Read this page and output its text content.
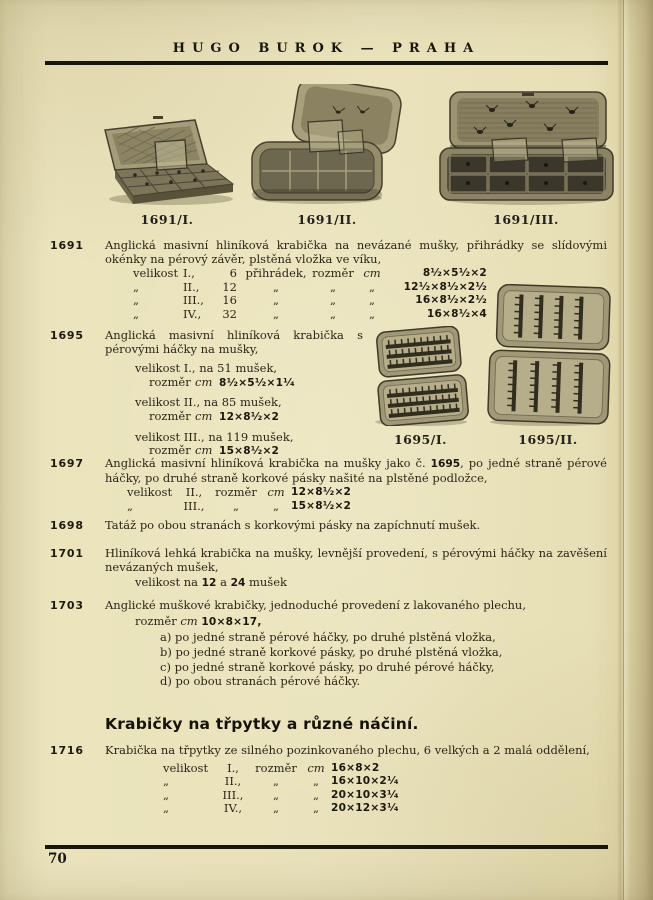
HUGO BUROK — PRAHA
1691/I.	1691/II.	1691/III.
1691 Anglická masivní hliníková krabička na nevázané mušky, přihrádky se slídovými okénky na pérový závěr, plstěná vložka ve víku,

velikost I.,	6 přihrádek, rozměr cm	8¹⁄₂×5¹⁄₂×2
„	II.,	12	„	„	„	12¹⁄₂×8¹⁄₂×2¹⁄₂
„	III.,	16	„	„	„	16×8¹⁄₂×2¹⁄₂
„	IV.,	32	„	„	„	16×8¹⁄₂×4
1695 Anglická masivní hliníková krabička s pérovými háčky na mušky,

velikost I., na 51 mušek,
rozměr cm 8¹⁄₂×5¹⁄₂×1¹⁄₄
velikost II., na 85 mušek,
rozměr cm 12×8¹⁄₂×2
velikost III., na 119 mušek,
rozměr cm 15×8¹⁄₂×2
1695/I.	1695/II.
1697 Anglická masivní hliníková krabička na mušky jako č. 1695, po jedné straně pérové háčky, po druhé straně korkové pásky našité na plstěné podložce,

velikost	II.,	rozměr cm 12×8¹⁄₂×2
„	III.,	„	„	15×8¹⁄₂×2
1698 Tatáž po obou stranách s korkovými pásky na zapíchnutí mušek.

1701 Hliníková lehká krabička na mušky, levnější provedení, s pérovými háčky na zavěšení nevázaných mušek,

velikost na 12 a 24 mušek
1703 Anglické muškové krabičky, jednoduché provedení z lakovaného plechu,

rozměr cm 10×8×17,
a) po jedné straně pérové háčky, po druhé plstěná vložka,
b) po jedné straně korkové pásky, po druhé plstěná vložka,
c) po jedné straně korkové pásky, po druhé pérové háčky,
d) po obou stranách pérové háčky.
Krabičky na třpytky a různé náčiní.
1716 Krabička na třpytky ze silného pozinkovaného plechu, 6 velkých a 2 malá oddělení,

velikost	I.,	rozměr cm 16×8×2
„	II.,	„	„	16×10×2¹⁄₄
„	III.,	„	„	20×10×3¹⁄₄
„	IV.,	„	„	20×12×3¹⁄₄
70
